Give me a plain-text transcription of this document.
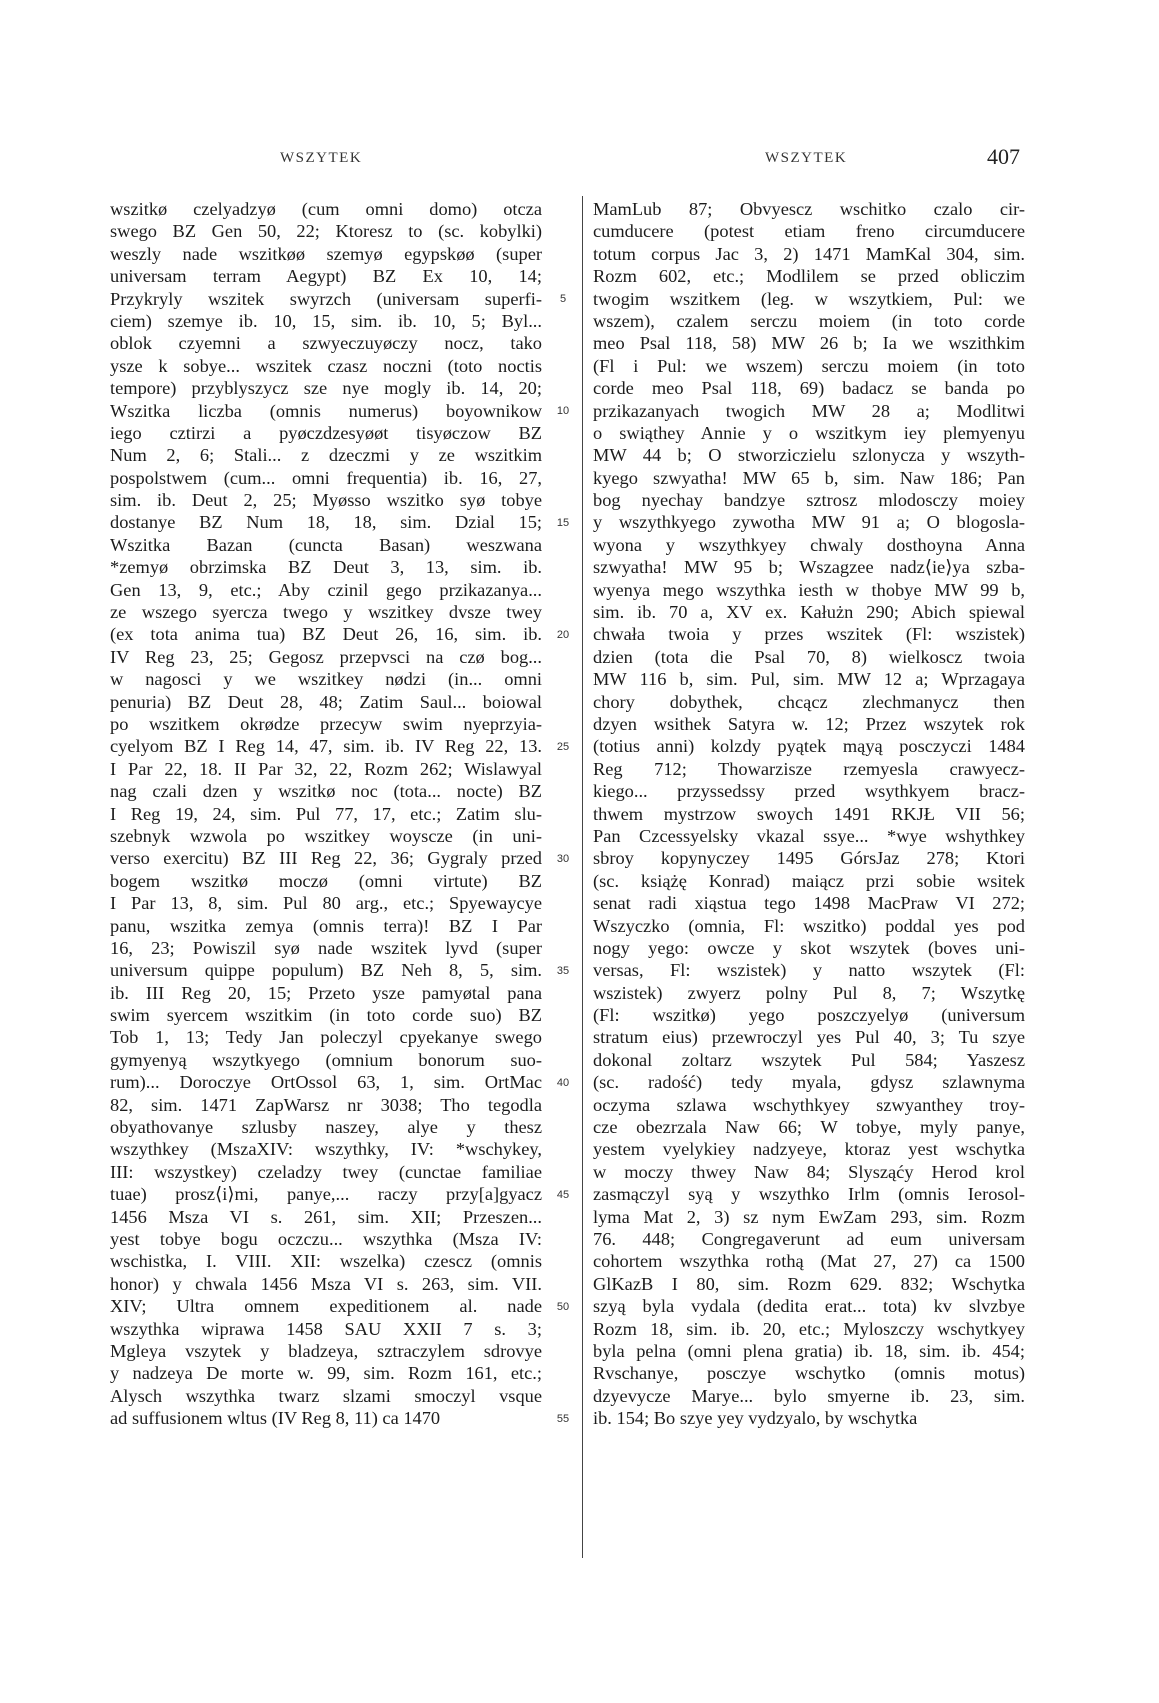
WSZYTEK	WSZYTEK	407
wszitkø czelyadzyø (cum omni domo) otcza
swego BZ Gen 50, 22; Ktoresz to (sc. kobylki)
weszly nade wszitkøø szemyø egypskøø (super
universam terram Aegypt) BZ Ex 10, 14;
Przykryly wszitek swyrzch (universam superfi-
ciem) szemye ib. 10, 15, sim. ib. 10, 5; Byl...
oblok czyemni a szwyeczuyøczy nocz, tako
ysze k sobye... wszitek czasz noczni (toto noctis
tempore) przyblyszycz sze nye mogly ib. 14, 20;
Wszitka liczba (omnis numerus) boyownikow
iego cztirzi a pyøczdzesyøøt tisyøczow BZ
Num 2, 6; Stali... z dzeczmi y ze wszitkim
pospolstwem (cum... omni frequentia) ib. 16, 27,
sim. ib. Deut 2, 25; Myøsso wszitko syø tobye
dostanye BZ Num 18, 18, sim. Dzial 15;
Wszitka Bazan (cuncta Basan) weszwana
*zemyø obrzimska BZ Deut 3, 13, sim. ib.
Gen 13, 9, etc.; Aby czinil gego przikazanya...
ze wszego syercza twego y wszitkey dvsze twey
(ex tota anima tua) BZ Deut 26, 16, sim. ib.
IV Reg 23, 25; Gegosz przepvsci na czø bog...
w nagosci y we wszitkey nødzi (in... omni
penuria) BZ Deut 28, 48; Zatim Saul... boiowal
po wszitkem okrødze przecyw swim nyeprzyia-
cyelyom BZ I Reg 14, 47, sim. ib. IV Reg 22, 13.
I Par 22, 18. II Par 32, 22, Rozm 262; Wislawyal
nag czali dzen y wszitkø noc (tota... nocte) BZ
I Reg 19, 24, sim. Pul 77, 17, etc.; Zatim slu-
szebnyk wzwola po wszitkey woyscze (in uni-
verso exercitu) BZ III Reg 22, 36; Gygraly przed
bogem wszitkø moczø (omni virtute) BZ
I Par 13, 8, sim. Pul 80 arg., etc.; Spyewaycye
panu, wszitka zemya (omnis terra)! BZ I Par
16, 23; Powiszil syø nade wszitek lyvd (super
universum quippe populum) BZ Neh 8, 5, sim.
ib. III Reg 20, 15; Przeto ysze pamyøtal pana
swim syercem wszitkim (in toto corde suo) BZ
Tob 1, 13; Tedy Jan poleczyl cpyekanye swego
gymyenyą wszytkyego (omnium bonorum suo-
rum)... Doroczye OrtOssol 63, 1, sim. OrtMac
82, sim. 1471 ZapWarsz nr 3038; Tho tegodla
obyathovanye szlusby naszey, alye y thesz
wszythkey (MszaXIV: wszythky, IV: *wschykey,
III: wszystkey) czeladzy twey (cunctae familiae
tuae) prosz⟨i⟩mi, panye,... raczy przy[a]gyacz
1456 Msza VI s. 261, sim. XII; Przeszen...
yest tobye bogu oczczu... wszythka (Msza IV:
wschistka, I. VIII. XII: wszelka) czescz (omnis
honor) y chwala 1456 Msza VI s. 263, sim. VII.
XIV; Ultra omnem expeditionem al. nade
wszythka wiprawa 1458 SAU XXII 7 s. 3;
Mgleya vszytek y bladzeya, sztraczylem sdrovye
y nadzeya De morte w. 99, sim. Rozm 161, etc.;
Alysch wszythka twarz slzami smoczyl vsque
ad suffusionem wltus (IV Reg 8, 11) ca 1470
5
10
15
20
25
30
35
40
45
50
55
MamLub 87; Obvyescz wschitko czalo cir-
cumducere (potest etiam freno circumducere
totum corpus Jac 3, 2) 1471 MamKal 304, sim.
Rozm 602, etc.; Modlilem se przed obliczim
twogim wszitkem (leg. w wszytkiem, Pul: we
wszem), czalem serczu moiem (in toto corde
meo Psal 118, 58) MW 26 b; Ia we wszithkim
(Fl i Pul: we wszem) serczu moiem (in toto
corde meo Psal 118, 69) badacz se banda po
przikazanyach twogich MW 28 a; Modlitwi
o swiąthey Annie y o wszitkym iey plemyenyu
MW 44 b; O stworziczielu szlonycza y wszyth-
kyego szwyatha! MW 65 b, sim. Naw 186; Pan
bog nyechay bandzye sztrosz mlodosczy moiey
y wszythkyego zywotha MW 91 a; O blogosla-
wyona y wszythkyey chwaly dosthoyna Anna
szwyatha! MW 95 b; Wszagzee nadz⟨ie⟩ya szba-
wyenya mego wszythka iesth w thobye MW 99 b,
sim. ib. 70 a, XV ex. Kałużn 290; Abich spiewal
chwała twoia y przes wszitek (Fl: wszistek)
dzien (tota die Psal 70, 8) wielkoscz twoia
MW 116 b, sim. Pul, sim. MW 12 a; Wprzagaya
chory dobythek, chcącz zlechmanycz then
dzyen wsithek Satyra w. 12; Przez wszytek rok
(totius anni) kolzdy pyątek mąyą posczyczi 1484
Reg 712; Thowarzisze rzemyesla crawyecz-
kiego... przyssedssy przed wsythkyem bracz-
thwem mystrzow swoych 1491 RKJŁ VII 56;
Pan Czcessyelsky vkazal ssye... *wye wshythkey
sbroy kopynyczey 1495 GórsJaz 278; Ktori
(sc. książę Konrad) maiącz przi sobie wsitek
senat radi xiąstua tego 1498 MacPraw VI 272;
Wszyczko (omnia, Fl: wszitko) poddal yes pod
nogy yego: owcze y skot wszytek (boves uni-
versas, Fl: wszistek) y natto wszytek (Fl:
wszistek) zwyerz polny Pul 8, 7; Wszytkę
(Fl: wszitkø) yego poszczyelyø (universum
stratum eius) przewroczyl yes Pul 40, 3; Tu szye
dokonal zoltarz wszytek Pul 584; Yaszesz
(sc. radość) tedy myala, gdysz szlawnyma
oczyma szlawa wschythkyey szwyanthey troy-
cze obezrzala Naw 66; W tobye, myly panye,
yestem vyelykiey nadzyeye, ktoraz yest wschytka
w moczy thwey Naw 84; Slysząćy Herod krol
zasmączyl syą y wszythko Irlm (omnis Ierosol-
lyma Mat 2, 3) sz nym EwZam 293, sim. Rozm
76. 448; Congregaverunt ad eum universam
cohortem wszythka rothą (Mat 27, 27) ca 1500
GlKazB I 80, sim. Rozm 629. 832; Wschytka
szyą byla vydala (dedita erat... tota) kv slvzbye
Rozm 18, sim. ib. 20, etc.; Myloszczy wschytkyey
byla pelna (omni plena gratia) ib. 18, sim. ib. 454;
Rvschanye, posczye wschytko (omnis motus)
dzyevycze Marye... bylo smyerne ib. 23, sim.
ib. 154; Bo szye yey vydzyalo, by wschytka
